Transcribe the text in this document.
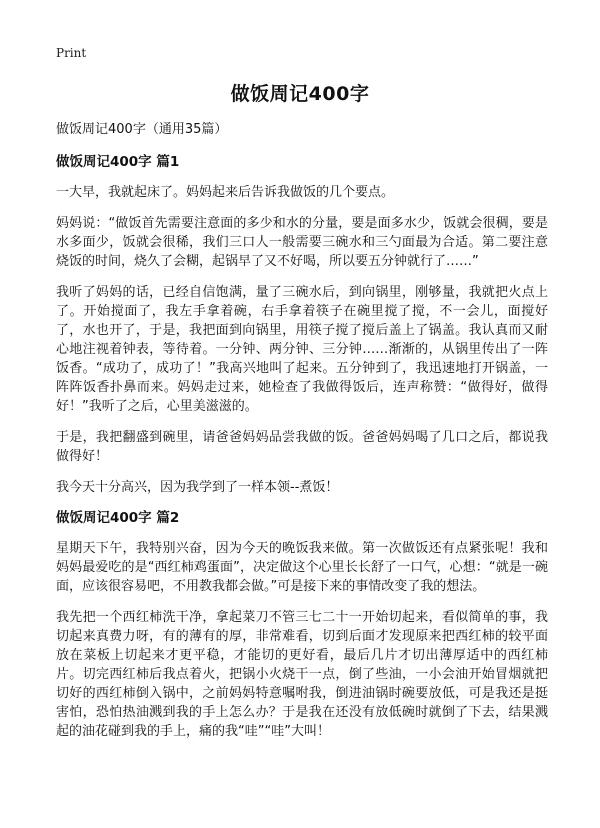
Print
做饭周记400字

做饭周记400字（通用35篇）

做饭周记400字 篇1

一大早，我就起床了。妈妈起来后告诉我做饭的几个要点。

妈妈说：“做饭首先需要注意面的多少和水的分量，要是面多水少，饭就会很稠，要是水多面少，饭就会很稀，我们三口人一般需要三碗水和三勺面最为合适。第二要注意烧饭的时间，烧久了会糊，起锅早了又不好喝，所以要五分钟就行了……”

我听了妈妈的话，已经自信饱满，量了三碗水后，到向锅里，刚够量，我就把火点上了。开始搅面了，我左手拿着碗，右手拿着筷子在碗里搅了搅，不一会儿，面搅好了，水也开了，于是，我把面到向锅里，用筷子搅了搅后盖上了锅盖。我认真而又耐心地注视着钟表，等待着。一分钟、两分钟、三分钟……渐渐的，从锅里传出了一阵饭香。“成功了，成功了！”我高兴地叫了起来。五分钟到了，我迅速地打开锅盖，一阵阵饭香扑鼻而来。妈妈走过来，她检查了我做得饭后，连声称赞：“做得好，做得好！”我听了之后，心里美滋滋的。

于是，我把翻盛到碗里，请爸爸妈妈品尝我做的饭。爸爸妈妈喝了几口之后，都说我做得好！

我今天十分高兴，因为我学到了一样本领--煮饭！

做饭周记400字 篇2

星期天下午，我特别兴奋，因为今天的晚饭我来做。第一次做饭还有点紧张呢！我和妈妈最爱吃的是“西红柿鸡蛋面”，决定做这个心里长长舒了一口气，心想：“就是一碗面，应该很容易吧，不用教我都会做。”可是接下来的事情改变了我的想法。

我先把一个西红柿洗干净，拿起菜刀不管三七二十一开始切起来，看似简单的事，我切起来真费力呀，有的薄有的厚，非常难看，切到后面才发现原来把西红柿的较平面放在菜板上切起来才更平稳，才能切的更好看，最后几片才切出薄厚适中的西红柿片。切完西红柿后我点着火，把锅小火烧干一点，倒了些油，一小会油开始冒烟就把切好的西红柿倒入锅中，之前妈妈特意嘱咐我，倒进油锅时碗要放低，可是我还是挺害怕，恐怕热油溅到我的手上怎么办？于是我在还没有放低碗时就倒了下去，结果溅起的油花碰到我的手上，痛的我“哇”“哇”大叫！
